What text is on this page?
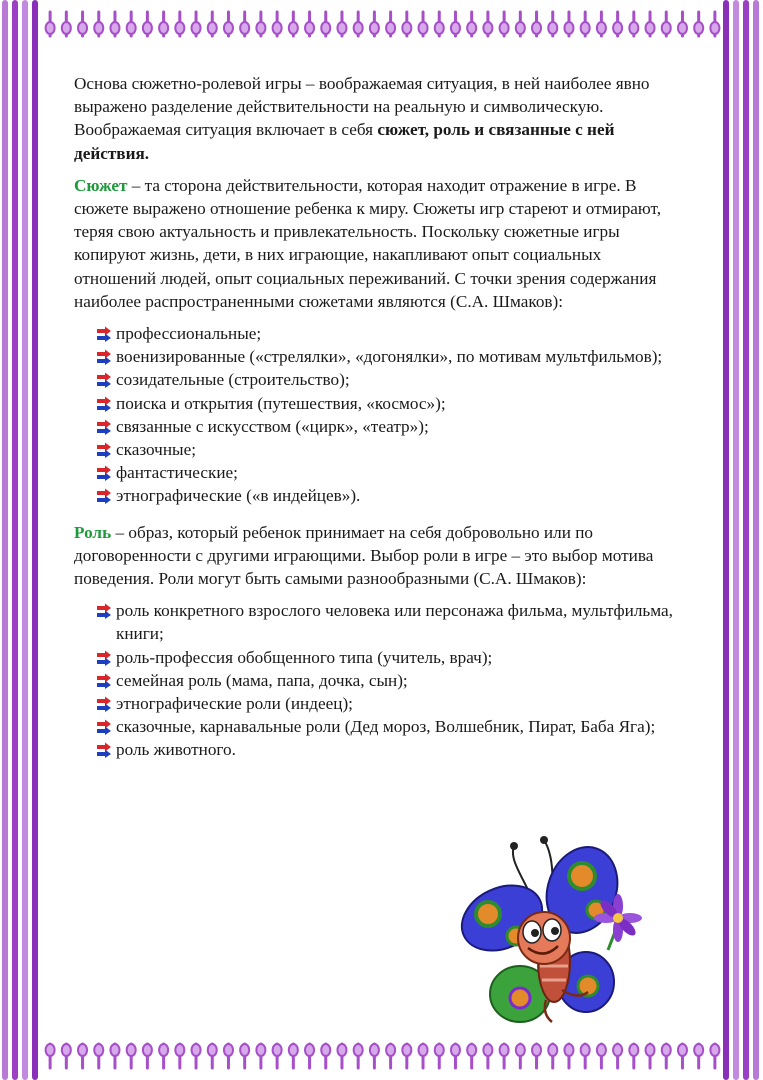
Основа сюжетно-ролевой игры – воображаемая ситуация, в ней наиболее явно выражено разделение действительности на реальную и символическую. Воображаемая ситуация включает в себя сюжет, роль и связанные с ней действия.

Сюжет – та сторона действительности, которая находит отражение в игре. В сюжете выражено отношение ребенка к миру. Сюжеты игр стареют и отмирают, теряя свою актуальность и привлекательность. Поскольку сюжетные игры копируют жизнь, дети, в них играющие, накапливают опыт социальных отношений людей, опыт социальных переживаний. С точки зрения содержания наиболее распространенными сюжетами являются (С.А. Шмаков):

профессиональные;
военизированные («стрелялки», «догонялки», по мотивам мультфильмов);
созидательные (строительство);
поиска и открытия (путешествия, «космос»);
связанные с искусством («цирк», «театр»);
сказочные;
фантастические;
этнографические («в индейцев»).

Роль – образ, который ребенок принимает на себя добровольно или по договоренности с другими играющими. Выбор роли в игре – это выбор мотива поведения. Роли могут быть самыми разнообразными (С.А. Шмаков):

роль конкретного взрослого человека или персонажа фильма, мультфильма, книги;
роль-профессия обобщенного типа (учитель, врач);
семейная роль (мама, папа, дочка, сын);
этнографические роли (индеец);
сказочные, карнавальные роли (Дед мороз, Волшебник, Пират, Баба Яга);
роль животного.
